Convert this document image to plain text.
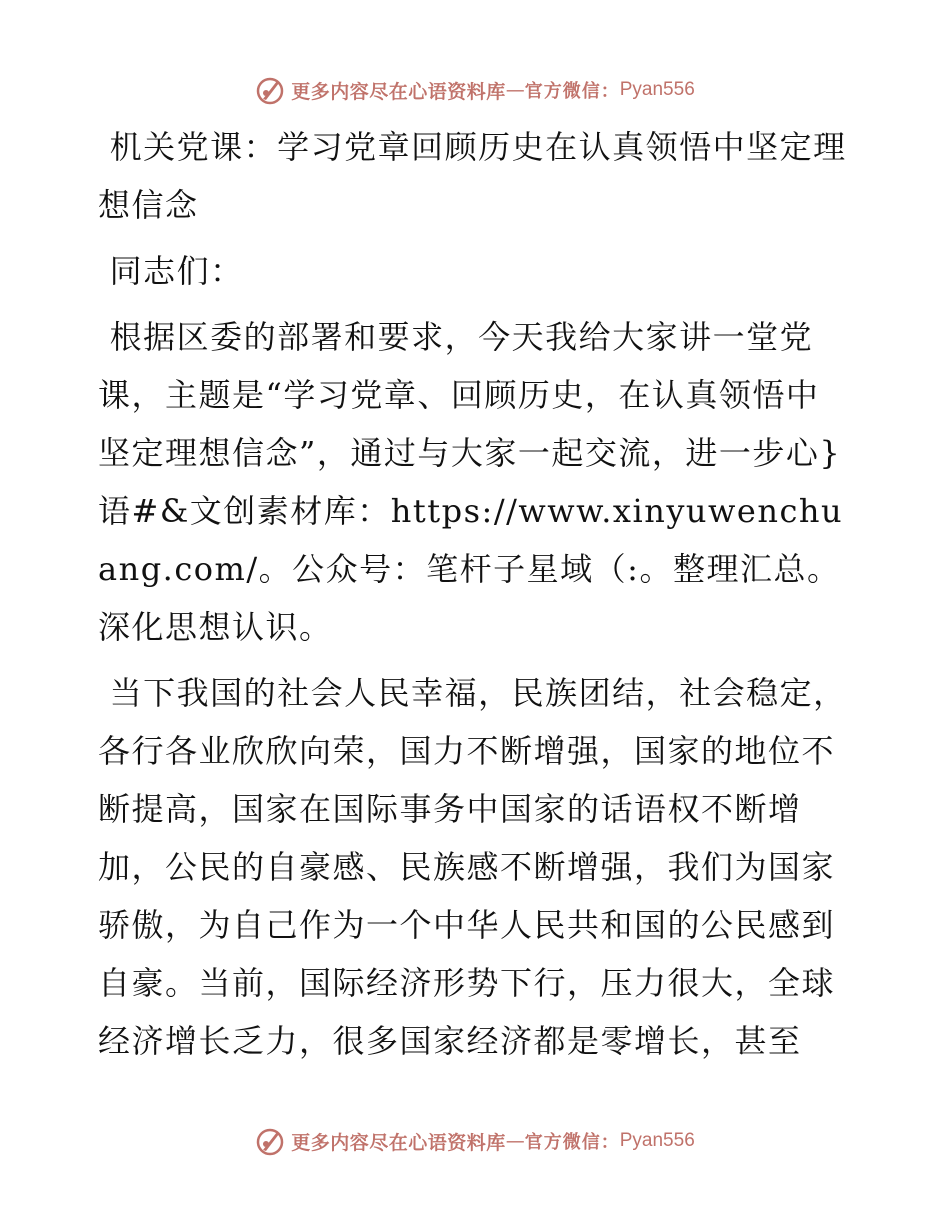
更多内容尽在心语资料库 — 官方微信： Pyan556

机关党课：学习党章回顾历史在认真领悟中坚定理想信念

同志们：

根据区委的部署和要求，今天我给大家讲一堂党课，主题是“学习党章、回顾历史，在认真领悟中坚定理想信念”，通过与大家一起交流，进一步心}语#&文创素材库：https://www.xinyuwenchuang.com/。公众号：笔杆子星域（:。整理汇总。深化思想认识。

当下我国的社会人民幸福，民族团结，社会稳定，各行各业欣欣向荣，国力不断增强，国家的地位不断提高，国家在国际事务中国家的话语权不断增加，公民的自豪感、民族感不断增强，我们为国家骄傲，为自己作为一个中华人民共和国的公民感到自豪。当前，国际经济形势下行，压力很大，全球经济增长乏力，很多国家经济都是零增长，甚至

更多内容尽在心语资料库 — 官方微信： Pyan556
